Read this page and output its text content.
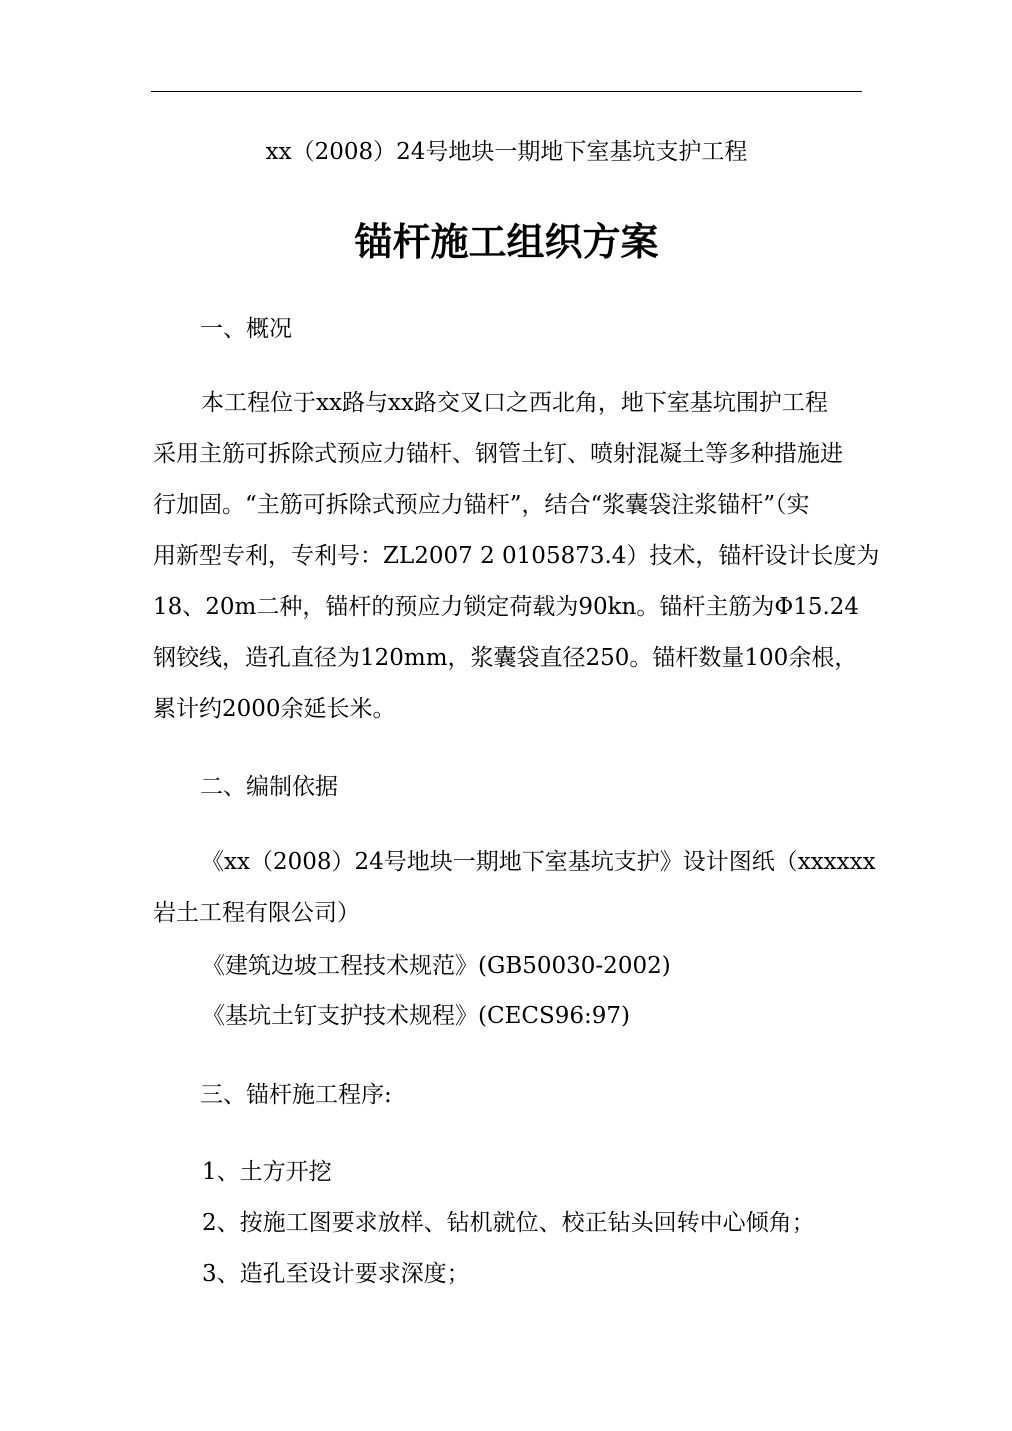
xx（2008）24号地块一期地下室基坑支护工程
锚杆施工组织方案
一、概况
本工程位于xx路与xx路交叉口之西北角，地下室基坑围护工程
采用主筋可拆除式预应力锚杆、钢管土钉、喷射混凝土等多种措施进
行加固。“主筋可拆除式预应力锚杆”，结合“浆囊袋注浆锚杆”（实
用新型专利，专利号：ZL2007 2 0105873.4）技术，锚杆设计长度为
18、20m二种，锚杆的预应力锁定荷载为90kn。锚杆主筋为Φ15.24
钢铰线，造孔直径为120mm，浆囊袋直径250。锚杆数量100余根，
累计约2000余延长米。
二、编制依据
《xx（2008）24号地块一期地下室基坑支护》设计图纸（xxxxxx
岩土工程有限公司）
《建筑边坡工程技术规范》(GB50030-2002)
《基坑土钉支护技术规程》(CECS96:97)
三、锚杆施工程序:
1、土方开挖
2、按施工图要求放样、钻机就位、校正钻头回转中心倾角；
3、造孔至设计要求深度；
